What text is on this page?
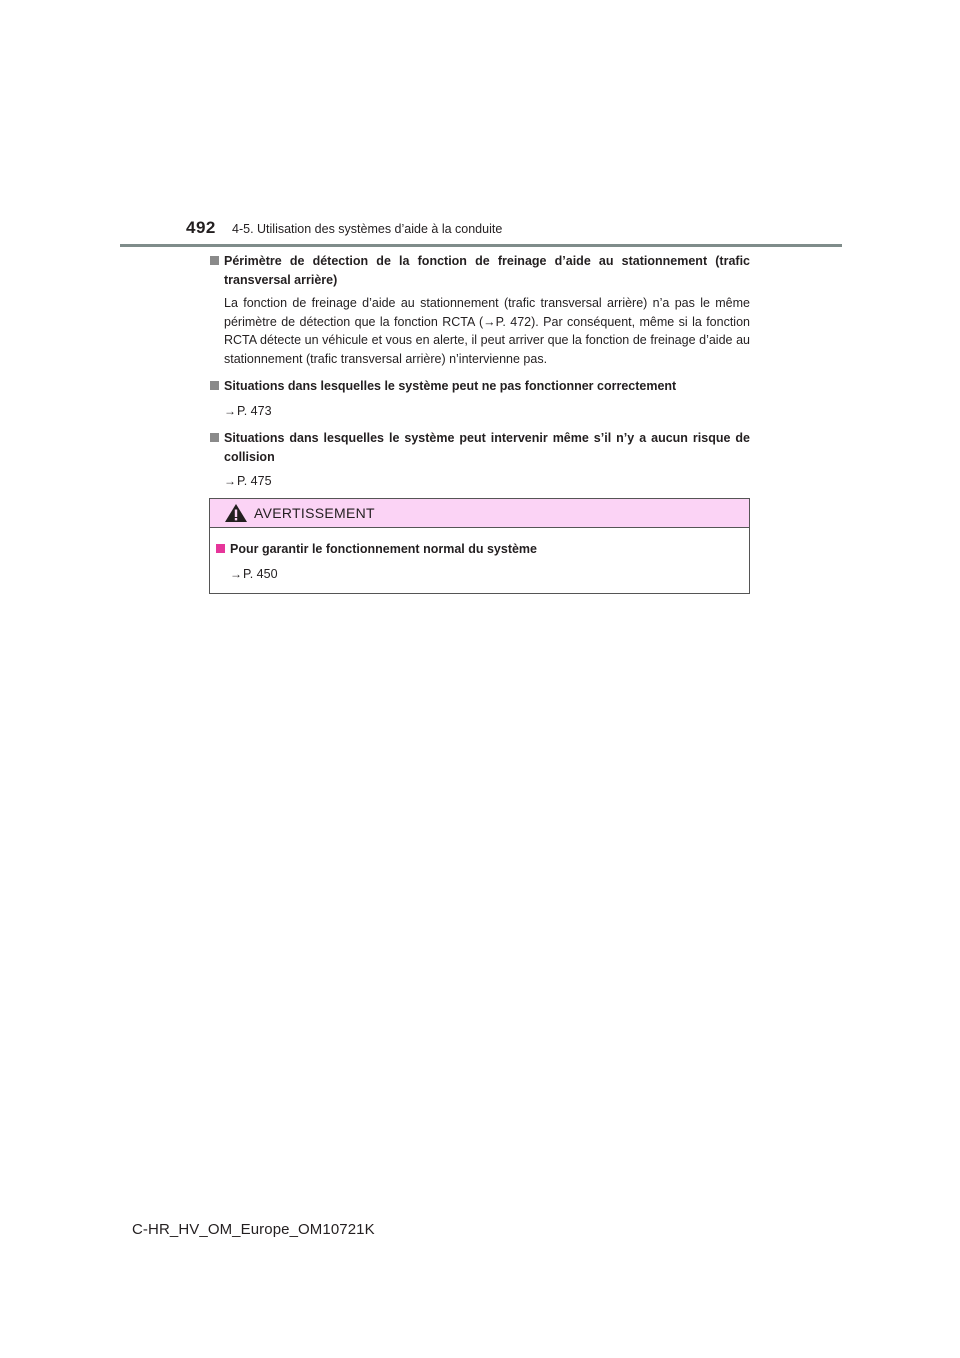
492 4-5. Utilisation des systèmes d’aide à la conduite
Périmètre de détection de la fonction de freinage d’aide au stationnement (trafic transversal arrière)
La fonction de freinage d’aide au stationnement (trafic transversal arrière) n’a pas le même périmètre de détection que la fonction RCTA (→P. 472). Par conséquent, même si la fonction RCTA détecte un véhicule et vous en alerte, il peut arriver que la fonction de freinage d’aide au stationnement (trafic transversal arrière) n’intervienne pas.
Situations dans lesquelles le système peut ne pas fonctionner correctement
→P. 473
Situations dans lesquelles le système peut intervenir même s’il n’y a aucun risque de collision
→P. 475
AVERTISSEMENT
Pour garantir le fonctionnement normal du système
→P. 450
C-HR_HV_OM_Europe_OM10721K
